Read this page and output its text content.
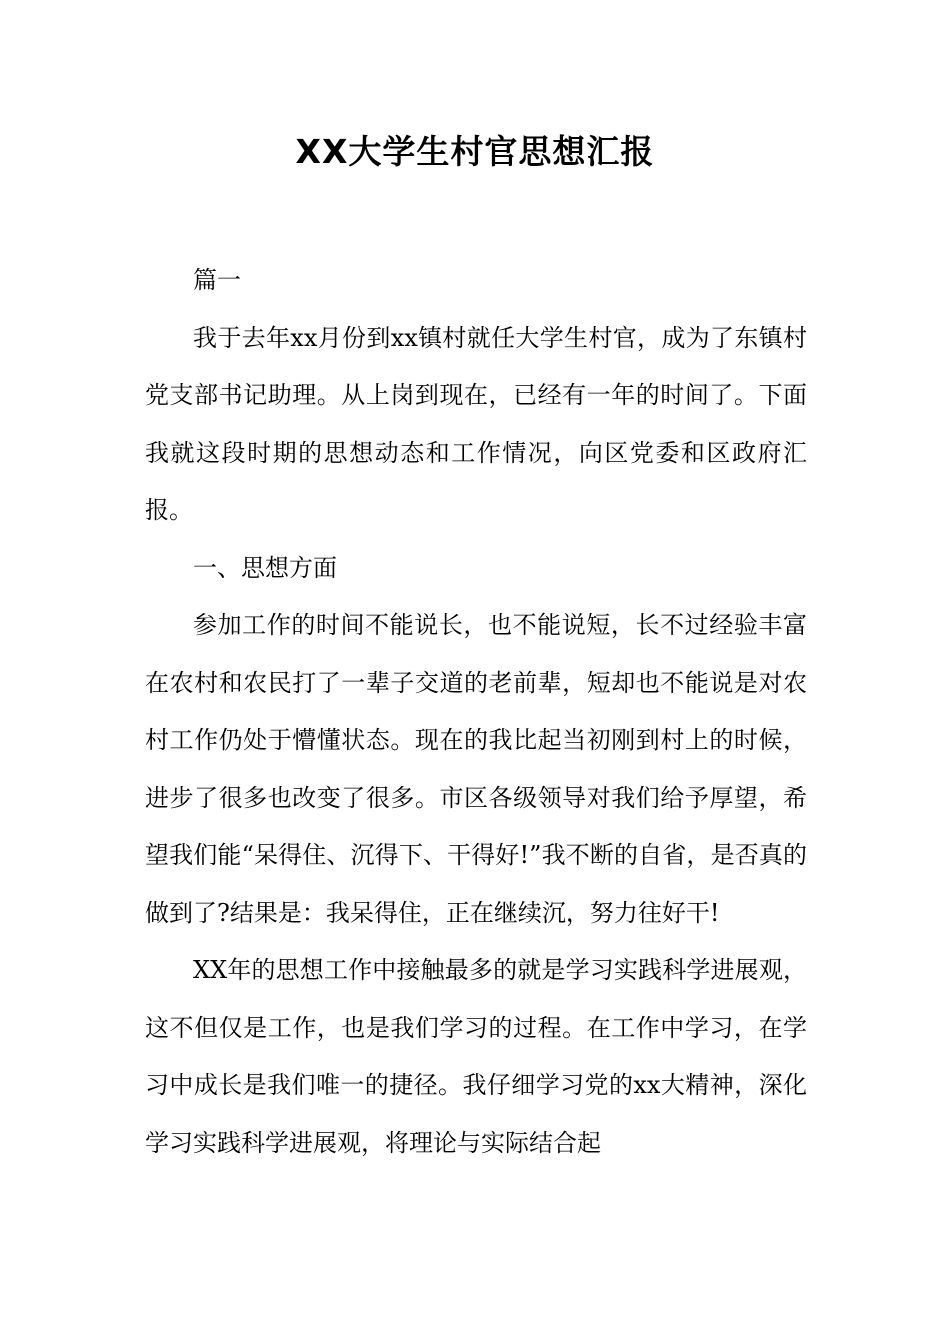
XX大学生村官思想汇报

篇一

我于去年xx月份到xx镇村就任大学生村官，成为了东镇村党支部书记助理。从上岗到现在，已经有一年的时间了。下面我就这段时期的思想动态和工作情况，向区党委和区政府汇报。

一、思想方面

参加工作的时间不能说长，也不能说短，长不过经验丰富在农村和农民打了一辈子交道的老前辈，短却也不能说是对农村工作仍处于懵懂状态。现在的我比起当初刚到村上的时候，进步了很多也改变了很多。市区各级领导对我们给予厚望，希望我们能“呆得住、沉得下、干得好!”我不断的自省，是否真的做到了?结果是：我呆得住，正在继续沉，努力往好干!

XX年的思想工作中接触最多的就是学习实践科学进展观，这不但仅是工作，也是我们学习的过程。在工作中学习，在学习中成长是我们唯一的捷径。我仔细学习党的xx大精神，深化学习实践科学进展观，将理论与实际结合起
